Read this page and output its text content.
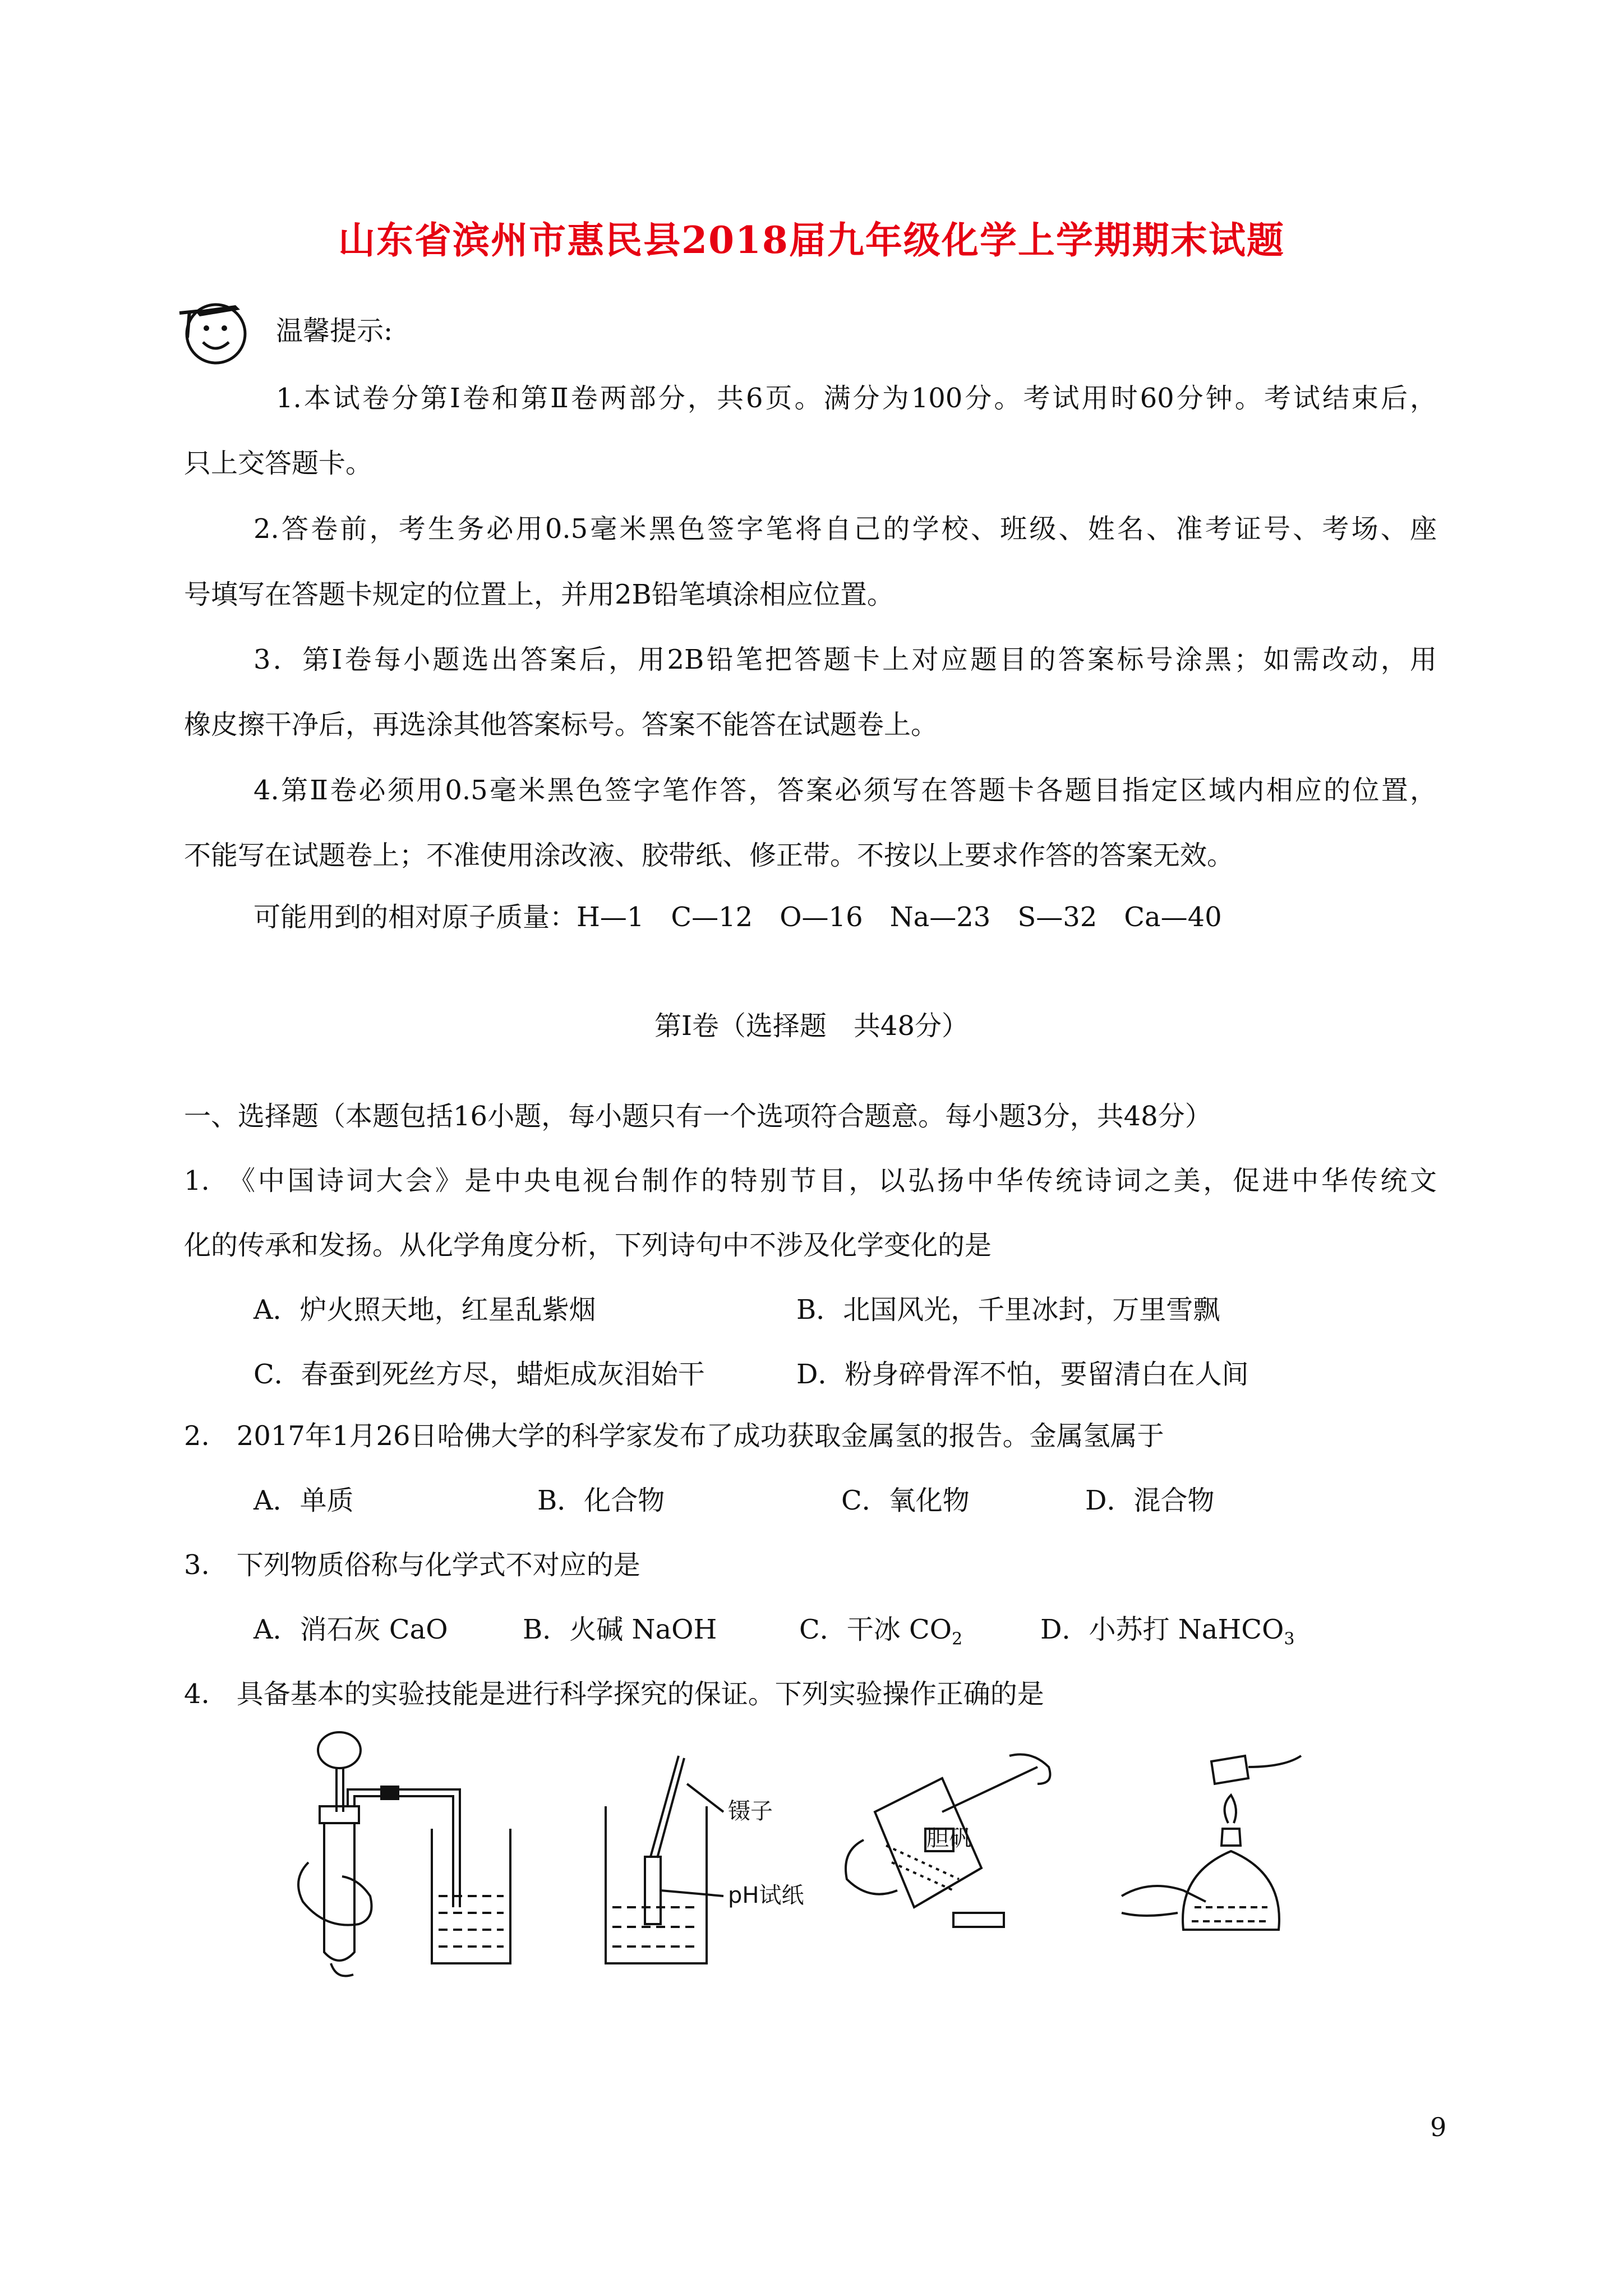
山东省滨州市惠民县2018届九年级化学上学期期末试题
温馨提示:
1.本试卷分第Ⅰ卷和第Ⅱ卷两部分，共6页。满分为100分。考试用时60分钟。考试结束后，
只上交答题卡。
2.答卷前，考生务必用0.5毫米黑色签字笔将自己的学校、班级、姓名、准考证号、考场、座
号填写在答题卡规定的位置上，并用2B铅笔填涂相应位置。
3．第Ⅰ卷每小题选出答案后，用2B铅笔把答题卡上对应题目的答案标号涂黑；如需改动，用
橡皮擦干净后，再选涂其他答案标号。答案不能答在试题卷上。
4.第Ⅱ卷必须用0.5毫米黑色签字笔作答，答案必须写在答题卡各题目指定区域内相应的位置，
不能写在试题卷上；不准使用涂改液、胶带纸、修正带。不按以上要求作答的答案无效。
可能用到的相对原子质量：H—1　C—12　O—16　Na—23　S—32　Ca—40
第Ⅰ卷（选择题　共48分）
一、选择题（本题包括16小题，每小题只有一个选项符合题意。每小题3分，共48分）
1.　《中国诗词大会》是中央电视台制作的特别节目，以弘扬中华传统诗词之美，促进中华传统文
化的传承和发扬。从化学角度分析，下列诗句中不涉及化学变化的是
A．炉火照天地，红星乱紫烟	B．北国风光，千里冰封，万里雪飘
C．春蚕到死丝方尽，蜡炬成灰泪始干	D．粉身碎骨浑不怕，要留清白在人间
2.　2017年1月26日哈佛大学的科学家发布了成功获取金属氢的报告。金属氢属于
A．单质	B．化合物	C．氧化物	D．混合物
3.　下列物质俗称与化学式不对应的是
A．消石灰 CaO	B．火碱 NaOH	C．干冰 $CO_2$	D．小苏打 NaHCO$_3$
4.　具备基本的实验技能是进行科学探究的保证。下列实验操作正确的是
镊子
pH试纸
胆矾
9
